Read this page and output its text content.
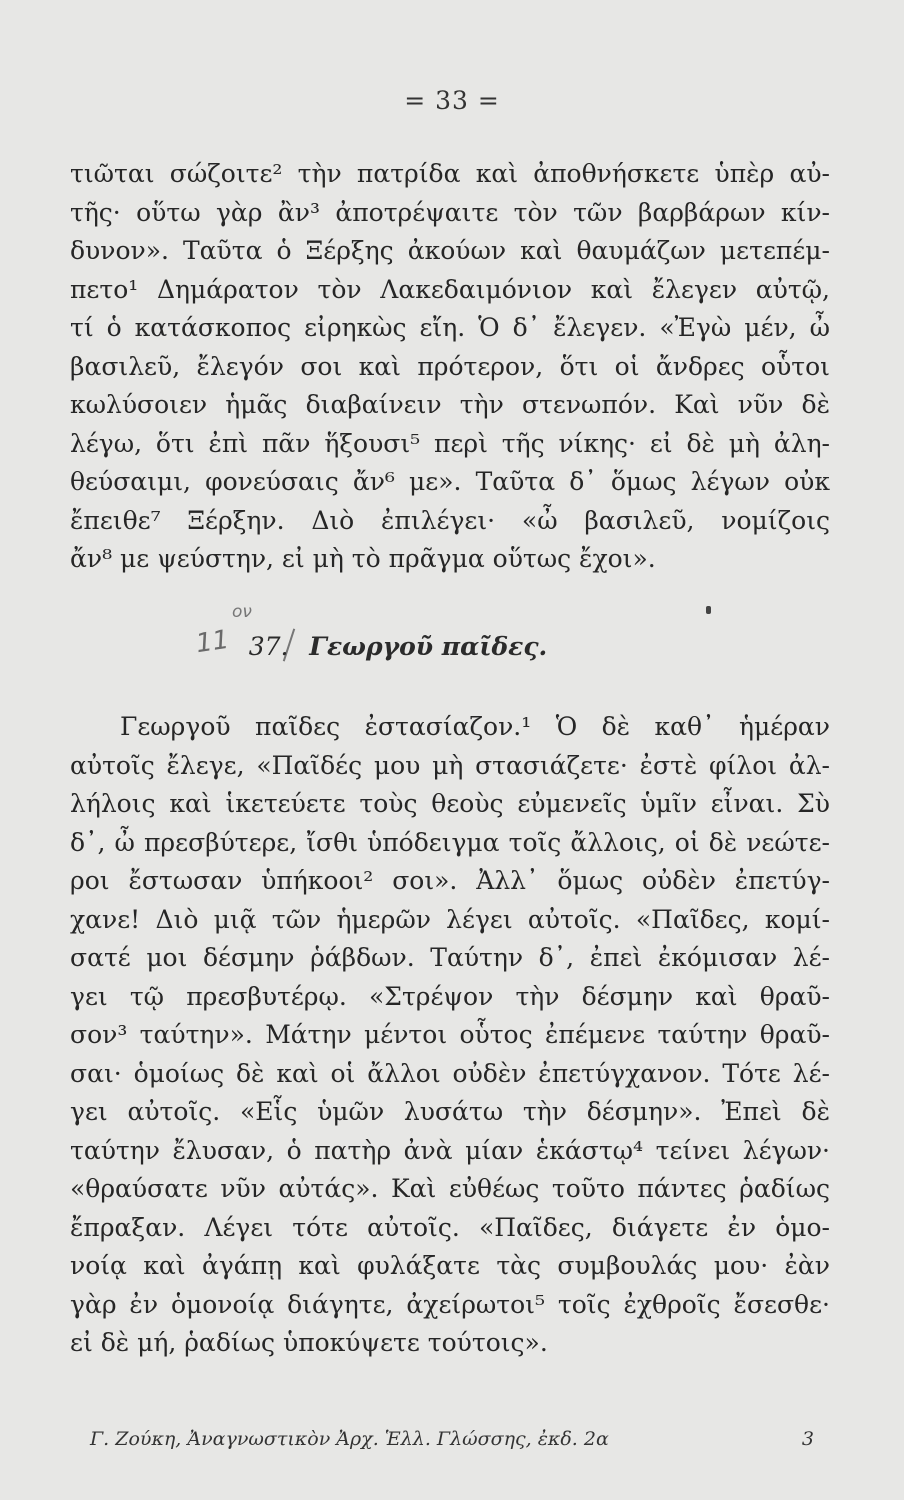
= 33 =
τιῶται σώζοιτε² τὴν πατρίδα καὶ ἀποθνήσκετε ὑπὲρ αὐ-
τῆς· οὕτω γὰρ ἂν³ ἀποτρέψαιτε τὸν τῶν βαρβάρων κίν-
δυνον». Ταῦτα ὁ Ξέρξης ἀκούων καὶ θαυμάζων μετεπέμ-
πετο¹ Δημάρατον τὸν Λακεδαιμόνιον καὶ ἔλεγεν αὐτῷ,
τί ὁ κατάσκοπος εἰρηκὼς εἴη. Ὁ δ᾽ ἔλεγεν. «Ἐγὼ μέν, ὦ
βασιλεῦ, ἔλεγόν σοι καὶ πρότερον, ὅτι οἱ ἄνδρες οὗτοι
κωλύσοιεν ἡμᾶς διαβαίνειν τὴν στενωπόν. Καὶ νῦν δὲ
λέγω, ὅτι ἐπὶ πᾶν ἥξουσι⁵ περὶ τῆς νίκης· εἰ δὲ μὴ ἀλη-
θεύσαιμι, φονεύσαις ἄν⁶ με». Ταῦτα δ᾽ ὅμως λέγων οὐκ
ἔπειθε⁷ Ξέρξην. Διὸ ἐπιλέγει· «ὦ βασιλεῦ, νομίζοις
ἄν⁸ με ψεύστην, εἰ μὴ τὸ πρᾶγμα οὕτως ἔχοι».
ον
11 37. Γεωργοῦ παῖδες.
Γεωργοῦ παῖδες ἐστασίαζον.¹ Ὁ δὲ καθ᾽ ἡμέραν
αὐτοῖς ἔλεγε, «Παῖδές μου μὴ στασιάζετε· ἐστὲ φίλοι ἀλ-
λήλοις καὶ ἱκετεύετε τοὺς θεοὺς εὐμενεῖς ὑμῖν εἶναι. Σὺ
δ᾽, ὦ πρεσβύτερε, ἴσθι ὑπόδειγμα τοῖς ἄλλοις, οἱ δὲ νεώτε-
ροι ἔστωσαν ὑπήκοοι² σοι». Ἀλλ᾽ ὅμως οὐδὲν ἐπετύγ-
χανε! Διὸ μιᾷ τῶν ἡμερῶν λέγει αὐτοῖς. «Παῖδες, κομί-
σατέ μοι δέσμην ῥάβδων. Ταύτην δ᾽, ἐπεὶ ἐκόμισαν λέ-
γει τῷ πρεσβυτέρῳ. «Στρέψον τὴν δέσμην καὶ θραῦ-
σον³ ταύτην». Μάτην μέντοι οὗτος ἐπέμενε ταύτην θραῦ-
σαι· ὁμοίως δὲ καὶ οἱ ἄλλοι οὐδὲν ἐπετύγχανον. Τότε λέ-
γει αὐτοῖς. «Εἷς ὑμῶν λυσάτω τὴν δέσμην». Ἐπεὶ δὲ
ταύτην ἔλυσαν, ὁ πατὴρ ἀνὰ μίαν ἑκάστῳ⁴ τείνει λέγων·
«θραύσατε νῦν αὐτάς». Καὶ εὐθέως τοῦτο πάντες ῥαδίως
ἔπραξαν. Λέγει τότε αὐτοῖς. «Παῖδες, διάγετε ἐν ὁμο-
νοίᾳ καὶ ἀγάπῃ καὶ φυλάξατε τὰς συμβουλάς μου· ἐὰν
γὰρ ἐν ὁμονοίᾳ διάγητε, ἀχείρωτοι⁵ τοῖς ἐχθροῖς ἔσεσθε·
εἰ δὲ μή, ῥαδίως ὑποκύψετε τούτοις».
Γ. Ζούκη, Ἀναγνωστικὸν Ἀρχ. Ἑλλ. Γλώσσης, ἐκδ. 2α	3
